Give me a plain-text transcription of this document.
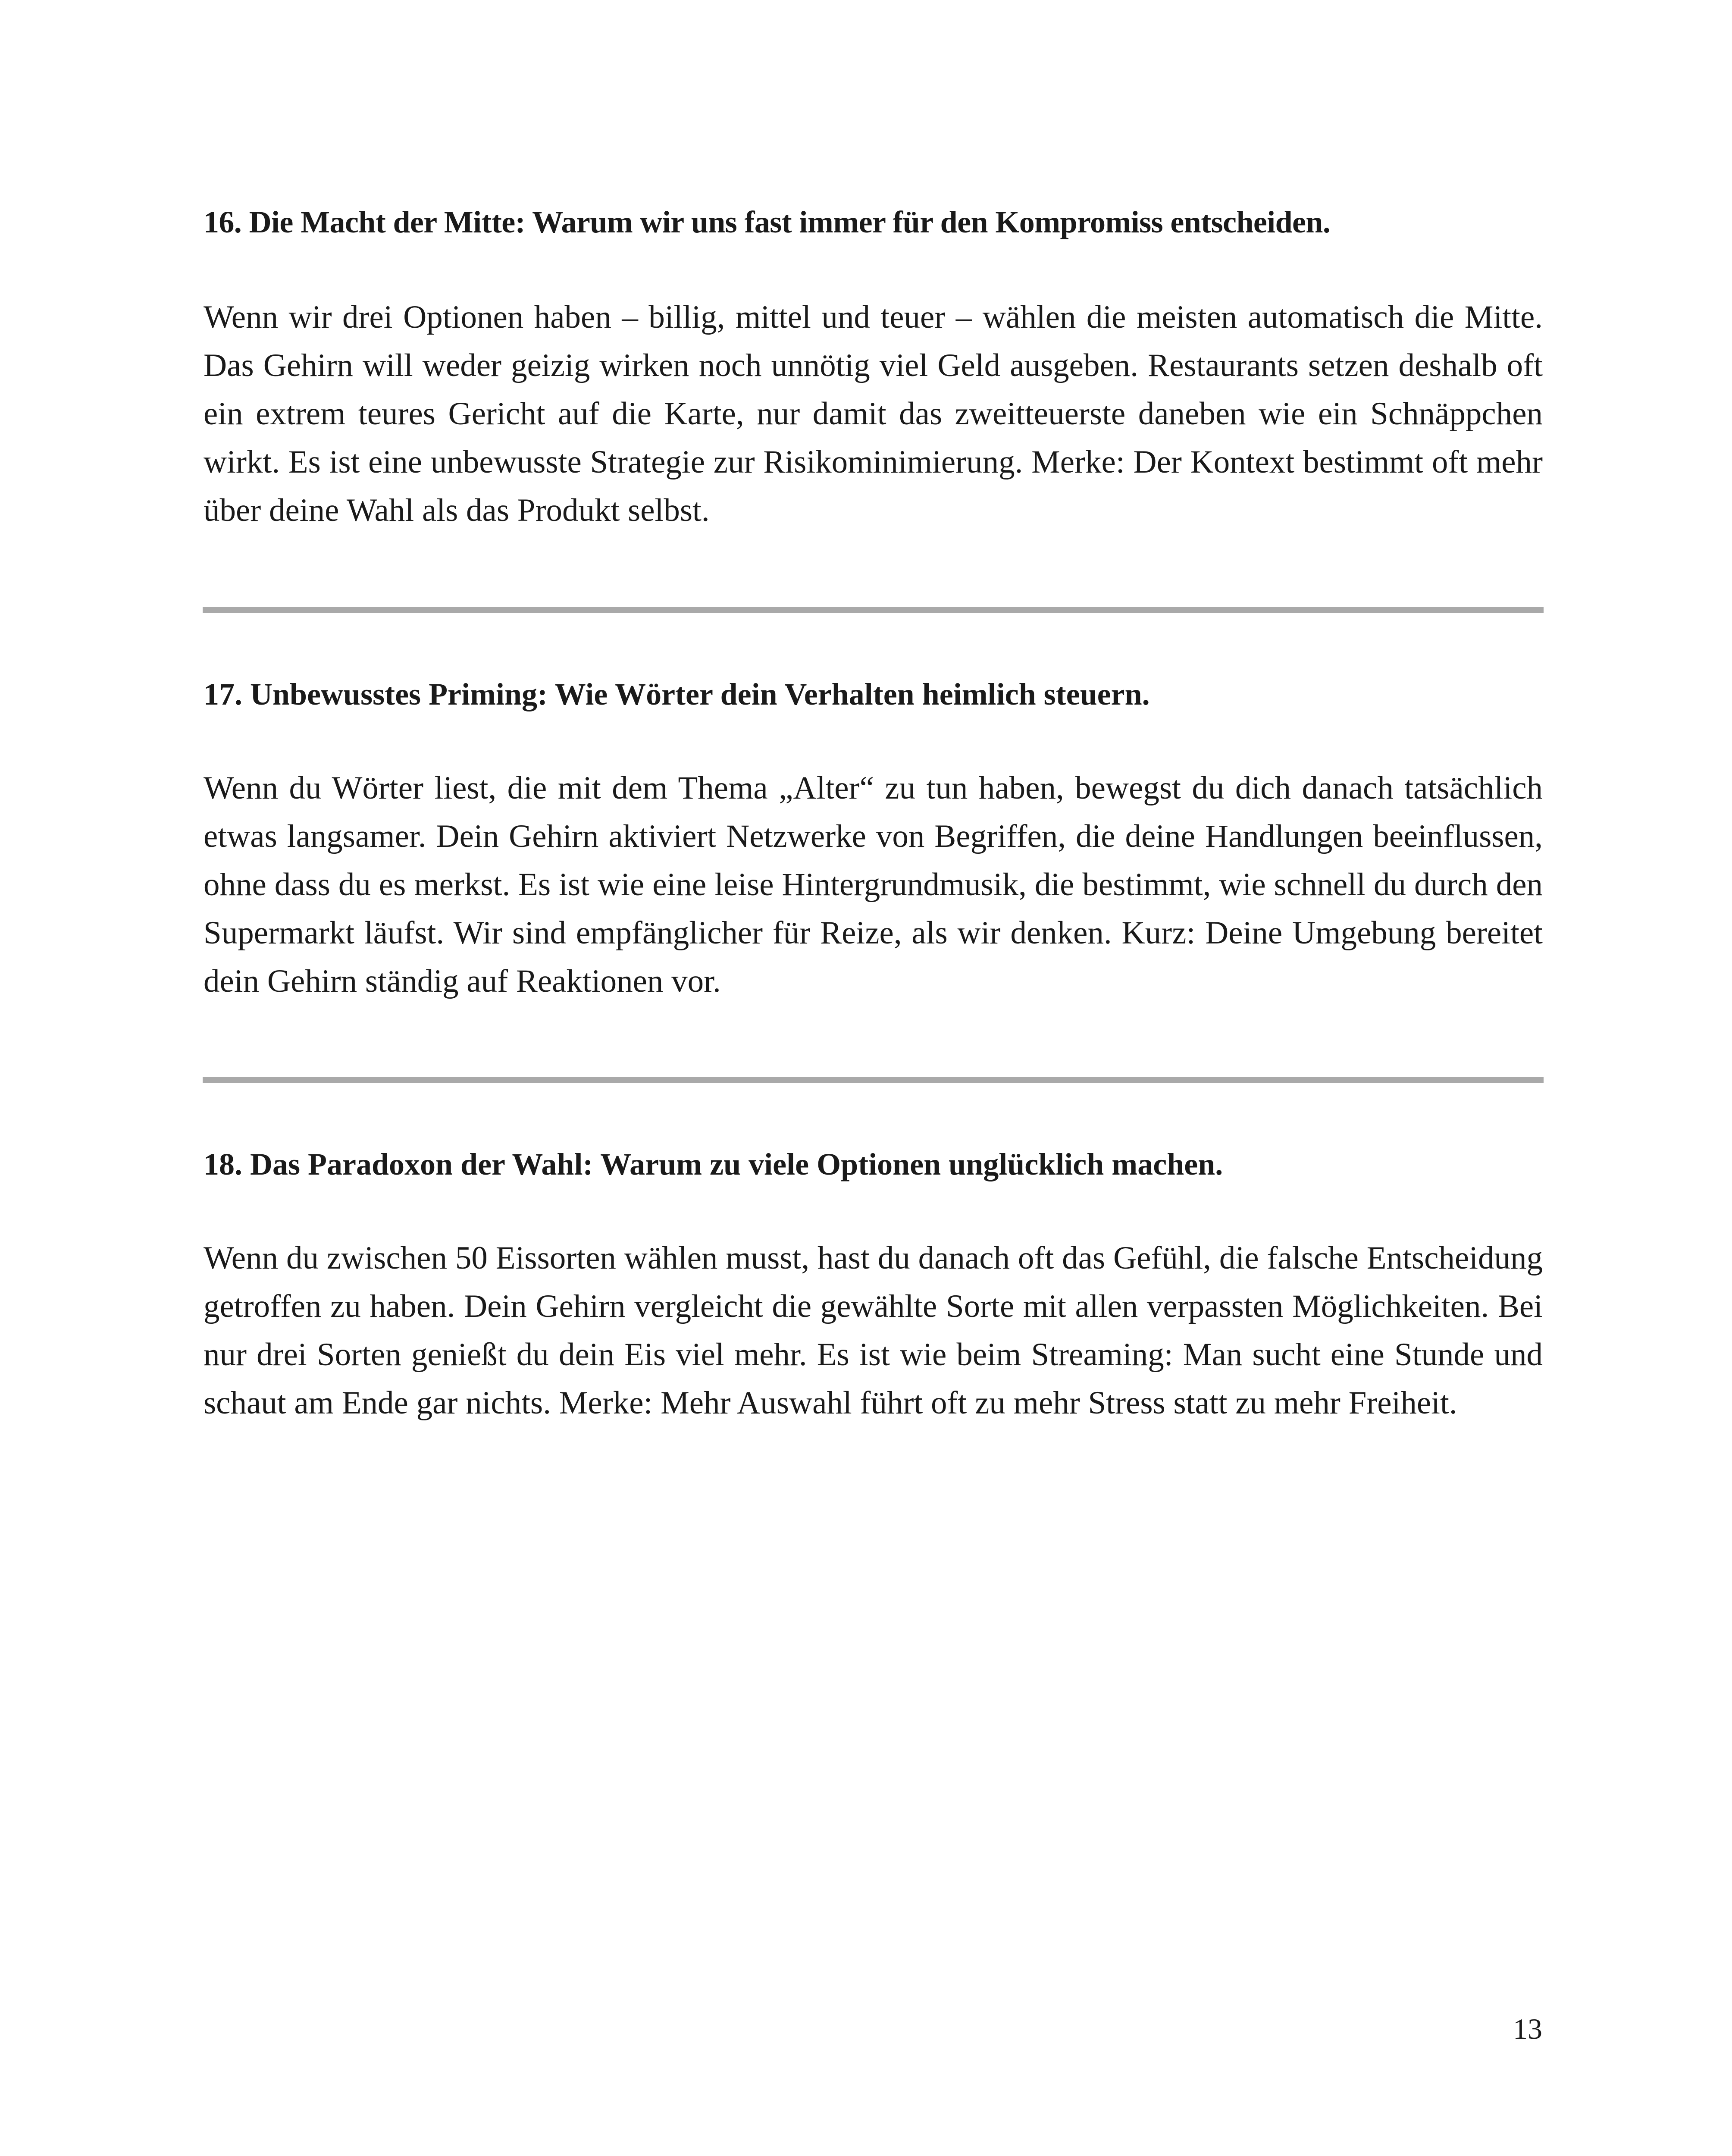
16. Die Macht der Mitte: Warum wir uns fast immer für den Kompromiss entscheiden.

Wenn wir drei Optionen haben – billig, mittel und teuer – wählen die meisten automatisch die Mitte. Das Gehirn will weder geizig wirken noch unnötig viel Geld ausgeben. Restaurants setzen deshalb oft ein extrem teures Gericht auf die Karte, nur damit das zweitteuerste daneben wie ein Schnäppchen wirkt. Es ist eine unbewusste Strategie zur Risikominimierung. Merke: Der Kontext bestimmt oft mehr über deine Wahl als das Produkt selbst.

17. Unbewusstes Priming: Wie Wörter dein Verhalten heimlich steuern.

Wenn du Wörter liest, die mit dem Thema „Alter“ zu tun haben, bewegst du dich danach tatsächlich etwas langsamer. Dein Gehirn aktiviert Netzwerke von Begriffen, die deine Handlungen beeinflussen, ohne dass du es merkst. Es ist wie eine leise Hintergrundmusik, die bestimmt, wie schnell du durch den Supermarkt läufst. Wir sind empfänglicher für Reize, als wir denken. Kurz: Deine Umgebung bereitet dein Gehirn ständig auf Reaktionen vor.

18. Das Paradoxon der Wahl: Warum zu viele Optionen unglücklich machen.

Wenn du zwischen 50 Eissorten wählen musst, hast du danach oft das Gefühl, die falsche Entscheidung getroffen zu haben. Dein Gehirn vergleicht die gewählte Sorte mit allen verpassten Möglichkeiten. Bei nur drei Sorten genießt du dein Eis viel mehr. Es ist wie beim Streaming: Man sucht eine Stunde und schaut am Ende gar nichts. Merke: Mehr Auswahl führt oft zu mehr Stress statt zu mehr Freiheit.

13
